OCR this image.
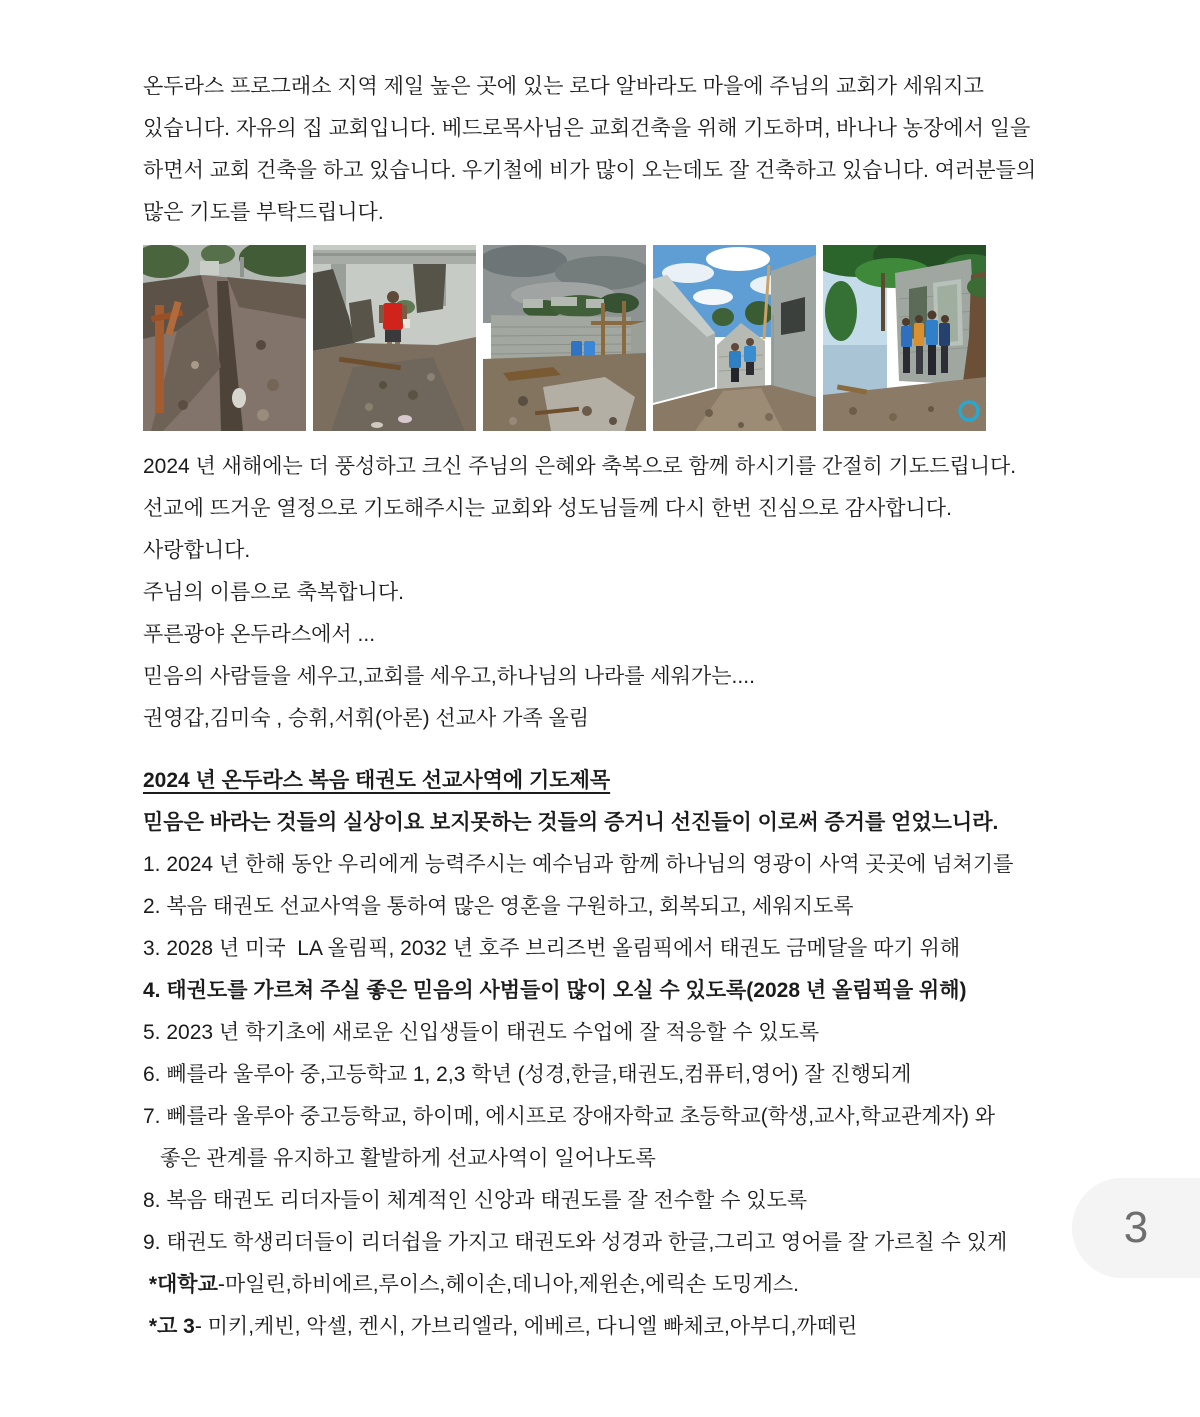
온두라스 프로그래소 지역 제일 높은 곳에 있는 로다 알바라도 마을에 주님의 교회가 세워지고
있습니다. 자유의 집 교회입니다. 베드로목사님은 교회건축을 위해 기도하며, 바나나 농장에서 일을
하면서 교회 건축을 하고 있습니다. 우기철에 비가 많이 오는데도 잘 건축하고 있습니다. 여러분들의
많은 기도를 부탁드립니다.
2024 년 새해에는 더 풍성하고 크신 주님의 은혜와 축복으로 함께 하시기를 간절히 기도드립니다.
선교에 뜨거운 열정으로 기도해주시는 교회와 성도님들께 다시 한번 진심으로 감사합니다.
사랑합니다.
주님의 이름으로 축복합니다.
푸른광야 온두라스에서 ...
믿음의 사람들을 세우고,교회를 세우고,하나님의 나라를 세워가는....
권영갑,김미숙 , 승휘,서휘(아론) 선교사 가족 올림
2024 년 온두라스 복음 태권도 선교사역에 기도제목
믿음은 바라는 것들의 실상이요 보지못하는 것들의 증거니 선진들이 이로써 증거를 얻었느니라.
1. 2024 년 한해 동안 우리에게 능력주시는 예수님과 함께 하나님의 영광이 사역 곳곳에 넘쳐기를
2. 복음 태권도 선교사역을 통하여 많은 영혼을 구원하고, 회복되고, 세워지도록
3. 2028 년 미국  LA 올림픽, 2032 년 호주 브리즈번 올림픽에서 태권도 금메달을 따기 위해
4. 태권도를 가르쳐 주실 좋은 믿음의 사범들이 많이 오실 수 있도록(2028 년 올림픽을 위해)
5. 2023 년 학기초에 새로운 신입생들이 태권도 수업에 잘 적응할 수 있도록
6. 뻬를라 울루아 중,고등학교 1, 2,3 학년 (성경,한글,태권도,컴퓨터,영어) 잘 진행되게
7. 뻬를라 울루아 중고등학교, 하이메, 에시프로 장애자학교 초등학교(학생,교사,학교관계자) 와
좋은 관계를 유지하고 활발하게 선교사역이 일어나도록
8. 복음 태권도 리더자들이 체계적인 신앙과 태권도를 잘 전수할 수 있도록
9. 태권도 학생리더들이 리더쉽을 가지고 태권도와 성경과 한글,그리고 영어를 잘 가르칠 수 있게
*대학교-마일린,하비에르,루이스,헤이손,데니아,제윈손,에릭손 도밍게스.
*고 3- 미키,케빈, 악셀, 켄시, 가브리엘라, 에베르, 다니엘 빠체코,아부디,까떼린
3
